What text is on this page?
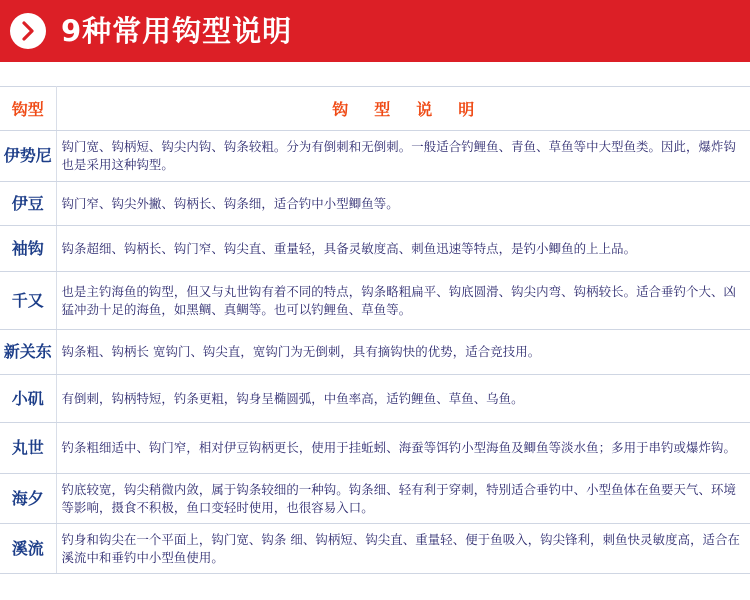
9种常用钩型说明
钩型	钩型说明
伊势尼	钩门宽、钩柄短、钩尖内钩、钩条较粗。分为有倒刺和无倒刺。一般适合钓鲤鱼、青鱼、草鱼等中大型鱼类。因此，爆炸钩也是采用这种钩型。
伊豆	钩门窄、钩尖外撇、钩柄长、钩条细，适合钓中小型鲫鱼等。
袖钩	钩条超细、钩柄长、钩门窄、钩尖直、重量轻，具备灵敏度高、刺鱼迅速等特点，是钓小鲫鱼的上上品。
千又	也是主钓海鱼的钩型，但又与丸世钩有着不同的特点，钩条略粗扁平、钩底圆滑、钩尖内弯、钩柄较长。适合垂钓个大、凶猛冲劲十足的海鱼，如黑鲷、真鲷等。也可以钓鲤鱼、草鱼等。
新关东	钩条粗、钩柄长 宽钩门、钩尖直，宽钩门为无倒刺，具有摘钩快的优势，适合竞技用。
小矶	有倒刺，钩柄特短，钓条更粗，钩身呈椭圆弧，中鱼率高，适钓鲤鱼、草鱼、乌鱼。
丸世	钓条粗细适中、钩门窄，相对伊豆钩柄更长，使用于挂蚯蚓、海蚕等饵钓小型海鱼及鲫鱼等淡水鱼；多用于串钓或爆炸钩。
海夕	钓底较宽，钩尖稍微内敛，属于钩条较细的一种钩。钩条细、轻有利于穿刺，特别适合垂钓中、小型鱼体在鱼要天气、环境等影响，摄食不积极，鱼口变轻时使用，也很容易入口。
溪流	钓身和钩尖在一个平面上，钩门宽、钩条 细、钩柄短、钩尖直、重量轻、便于鱼吸入，钩尖锋利，刺鱼快灵敏度高，适合在溪流中和垂钓中小型鱼使用。
